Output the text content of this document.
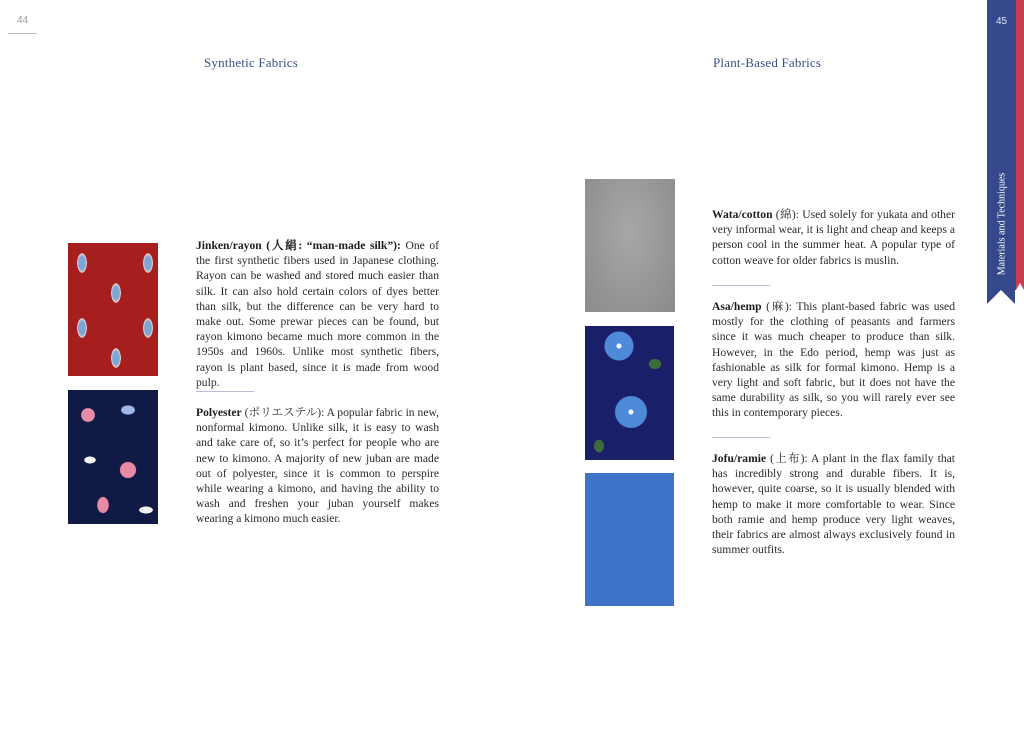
44
Synthetic Fabrics
Jinken/rayon (人絹: “man-made silk”): One of the first synthetic fibers used in Japanese clothing. Rayon can be washed and stored much easier than silk. It can also hold certain colors of dyes better than silk, but the difference can be very hard to make out. Some prewar pieces can be found, but rayon kimono became much more common in the 1950s and 1960s. Unlike most synthetic fibers, rayon is plant based, since it is made from wood pulp.
Polyester (ポリエステル): A popular fabric in new, nonformal kimono. Unlike silk, it is easy to wash and take care of, so it’s perfect for people who are new to kimono. A majority of new juban are made out of polyester, since it is common to perspire while wearing a kimono, and having the ability to wash and freshen your juban yourself makes wearing a kimono much easier.
Plant-Based Fabrics
Wata/cotton (綿): Used solely for yukata and other very informal wear, it is light and cheap and keeps a person cool in the summer heat. A popular type of cotton weave for older fabrics is muslin.
Asa/hemp (麻): This plant-based fabric was used mostly for the clothing of peasants and farmers since it was much cheaper to produce than silk. However, in the Edo period, hemp was just as fashionable as silk for formal kimono. Hemp is a very light and soft fabric, but it does not have the same durability as silk, so you will rarely ever see this in contemporary pieces.
Jofu/ramie (上布): A plant in the flax family that has incredibly strong and durable fibers. It is, however, quite coarse, so it is usually blended with hemp to make it more comfortable to wear. Since both ramie and hemp produce very light weaves, their fabrics are almost always exclusively found in summer outfits.
45
Materials and Techniques
